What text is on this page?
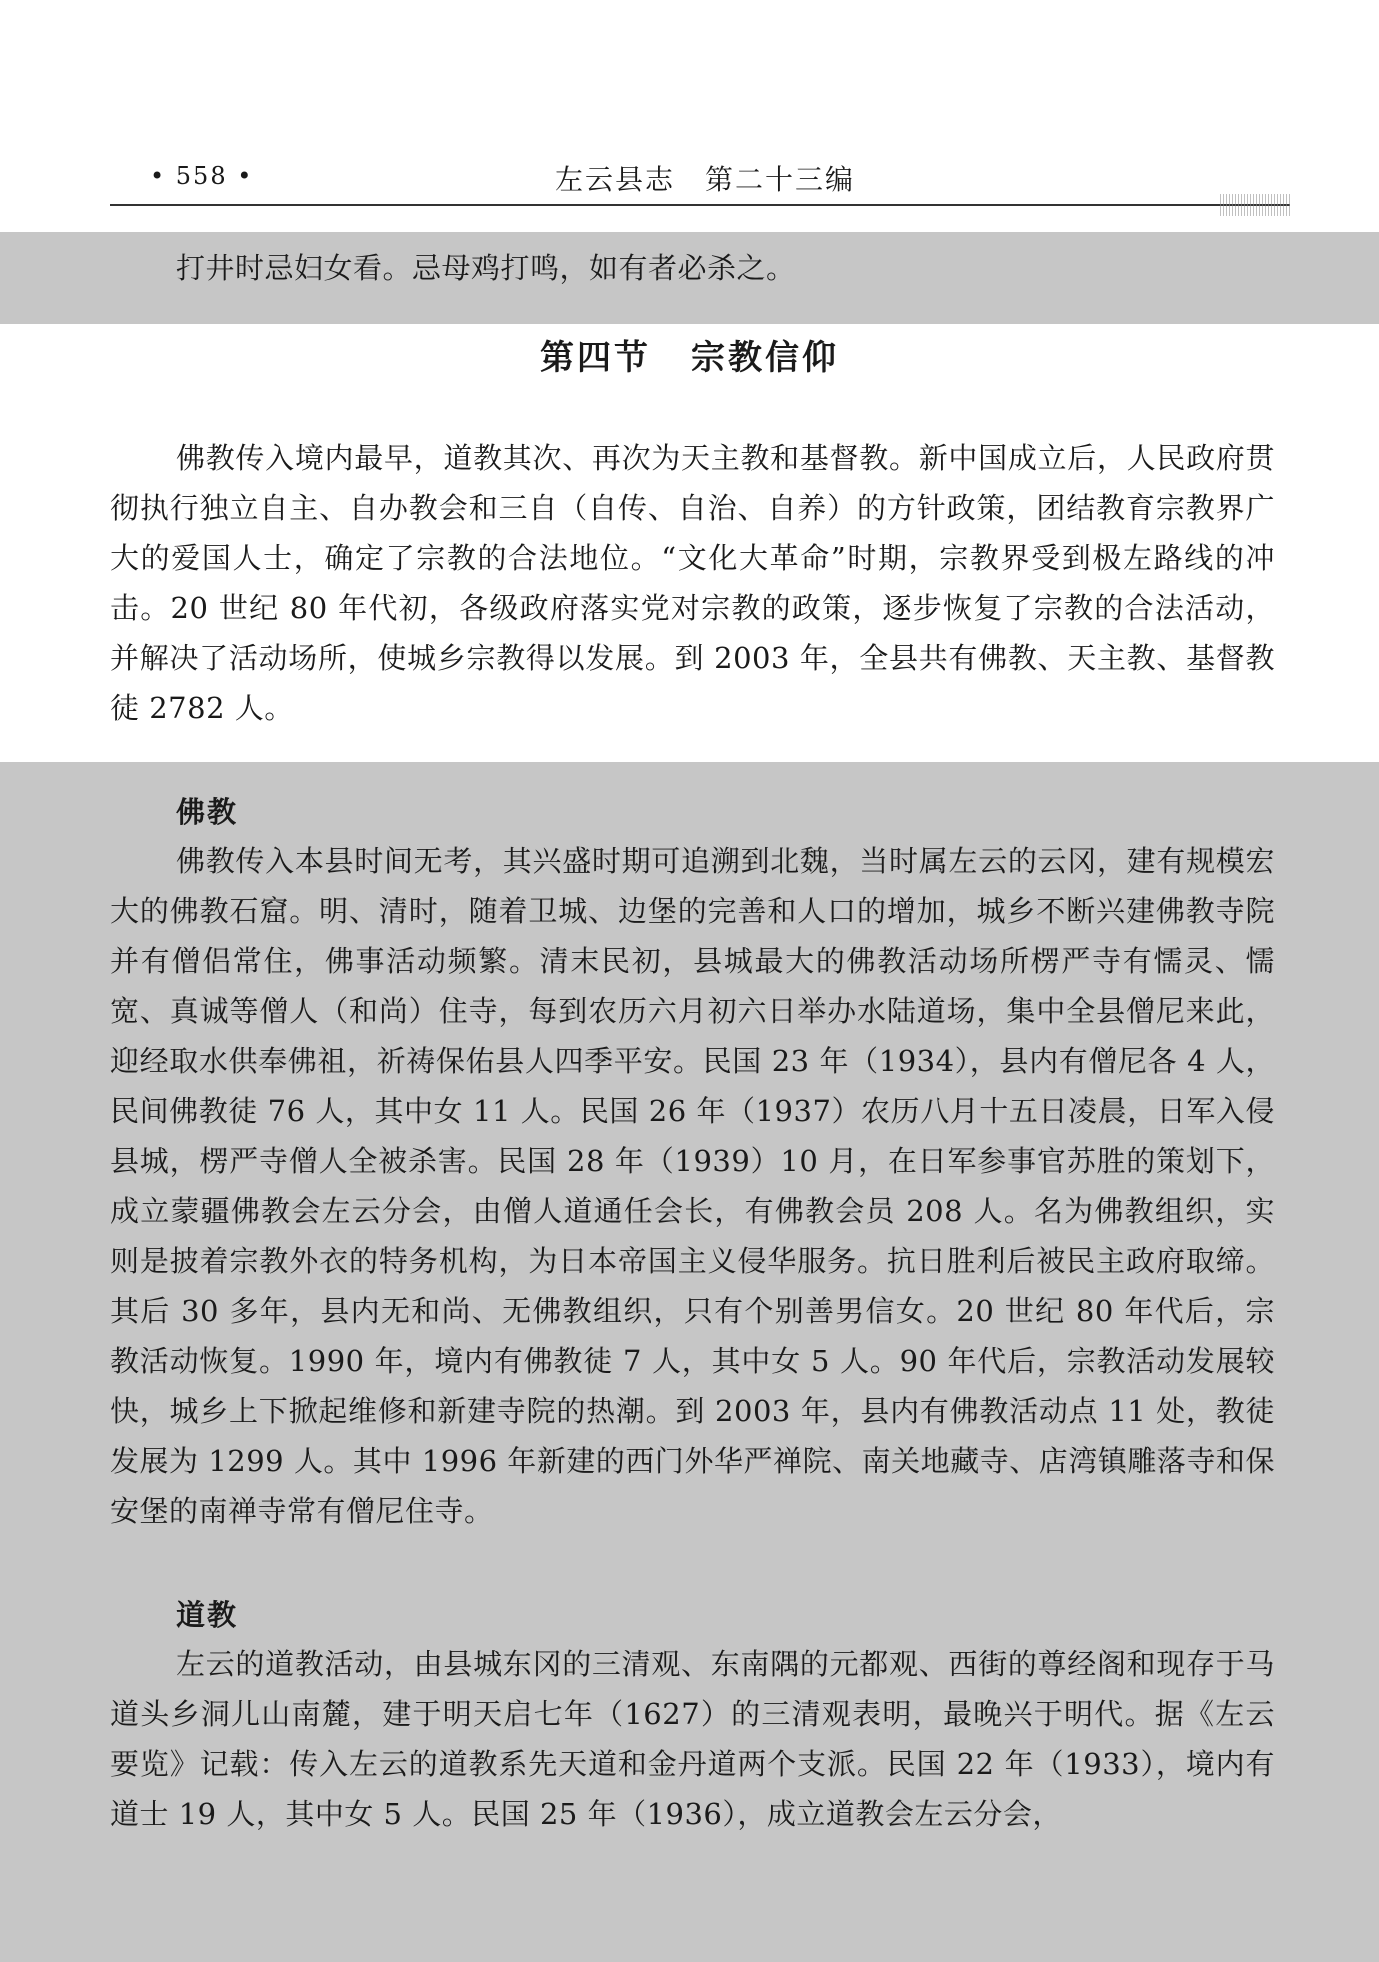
• 558 •	左云县志 第二十三编

打井时忌妇女看。忌母鸡打鸣，如有者必杀之。

第四节 宗教信仰

佛教传入境内最早，道教其次、再次为天主教和基督教。新中国成立后，人民政府贯彻执行独立自主、自办教会和三自（自传、自治、自养）的方针政策，团结教育宗教界广大的爱国人士，确定了宗教的合法地位。“文化大革命”时期，宗教界受到极左路线的冲击。20 世纪 80 年代初，各级政府落实党对宗教的政策，逐步恢复了宗教的合法活动，并解决了活动场所，使城乡宗教得以发展。到 2003 年，全县共有佛教、天主教、基督教徒 2782 人。

佛教

佛教传入本县时间无考，其兴盛时期可追溯到北魏，当时属左云的云冈，建有规模宏大的佛教石窟。明、清时，随着卫城、边堡的完善和人口的增加，城乡不断兴建佛教寺院并有僧侣常住，佛事活动频繁。清末民初，县城最大的佛教活动场所楞严寺有懦灵、懦宽、真诚等僧人（和尚）住寺，每到农历六月初六日举办水陆道场，集中全县僧尼来此，迎经取水供奉佛祖，祈祷保佑县人四季平安。民国 23 年（1934），县内有僧尼各 4 人，民间佛教徒 76 人，其中女 11 人。民国 26 年（1937）农历八月十五日凌晨，日军入侵县城，楞严寺僧人全被杀害。民国 28 年（1939）10 月，在日军参事官苏胜的策划下，成立蒙疆佛教会左云分会，由僧人道通任会长，有佛教会员 208 人。名为佛教组织，实则是披着宗教外衣的特务机构，为日本帝国主义侵华服务。抗日胜利后被民主政府取缔。其后 30 多年，县内无和尚、无佛教组织，只有个别善男信女。20 世纪 80 年代后，宗教活动恢复。1990 年，境内有佛教徒 7 人，其中女 5 人。90 年代后，宗教活动发展较快，城乡上下掀起维修和新建寺院的热潮。到 2003 年，县内有佛教活动点 11 处，教徒发展为 1299 人。其中 1996 年新建的西门外华严禅院、南关地藏寺、店湾镇雕落寺和保安堡的南禅寺常有僧尼住寺。

道教

左云的道教活动，由县城东冈的三清观、东南隅的元都观、西街的尊经阁和现存于马道头乡洞儿山南麓，建于明天启七年（1627）的三清观表明，最晚兴于明代。据《左云要览》记载：传入左云的道教系先天道和金丹道两个支派。民国 22 年（1933），境内有道士 19 人，其中女 5 人。民国 25 年（1936），成立道教会左云分会，
